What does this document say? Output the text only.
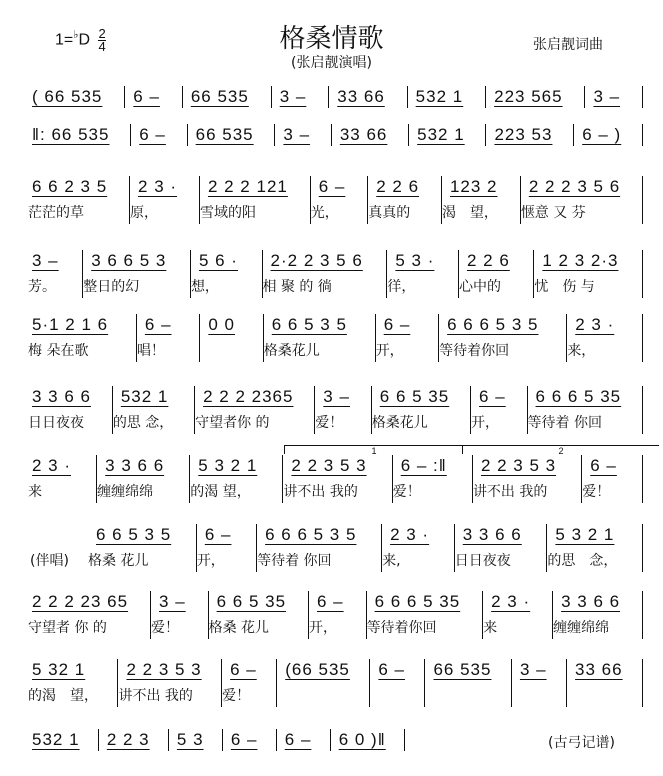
$1=^♭D \frac{2}{4}$	格桑情歌
(张启靓演唱)
张启靓词曲
( 66 535	6 –	66 535	3 –	33 66	532 1	223 565	3 –
‖: 66 535	6 –	66 535	3 –	33 66	532 1	223 53	6 – )
6 6 2 3 5
茫茫的草
2 3 ·
原，
2 2 2 121
雪域的阳
6 –
光，
2 2 6
真真的
123 2
渴　望，
2 2 2 3 5 6
惬意 又 芬
3 –
芳。
3 6 6 5 3
整日的幻
5 6 ·
想，
2·2 2 3 5 6
相 聚 的 徜
5 3 ·
徉，
2 2 6
心中的
1 2 3 2·3
忧　伤 与
5·1 2 1 6
梅 朵在歌
6 –
唱！
0 0	6 6 5 3 5
格桑花儿
6 –
开，
6 6 6 5 3 5
等待着你回
2 3 ·
来，
3 3 6 6
日日夜夜
532 1
的思 念，
2 2 2 2365
守望者你 的
3 –
爱！
6 6 5 35
格桑花儿
6 –
开，
6 6 6 5 35
等待着 你回
2 3 ·
来
3 3 6 6
缠缠绵绵
5 3 2 1
的渴 望，
2 2 3 5 3
讲不出 我的
6 – :‖
爱！
2 2 3 5 3
讲不出 我的
6 –
爱！
1	2
(伴唱)
6 6 5 3 5
格桑 花儿
6 –
开，
6 6 6 5 3 5
等待着 你回
2 3 ·
来,
3 3 6 6
日日夜夜
5 3 2 1
的思　念，
2 2 2 23 65
守望者 你 的
3 –
爱！
6 6 5 35
格桑 花儿
6 –
开，
6 6 6 5 35
等待着你回
2 3 ·
来
3 3 6 6
缠缠绵绵
5 32 1
的渴　望，
2 2 3 5 3
讲不出 我的
6 –
爱！
(66 535	6 –	66 535	3 –	33 66
532 1	2 2 3	5 3	6 –	6 –	6 0 )‖	(古弓记谱)
